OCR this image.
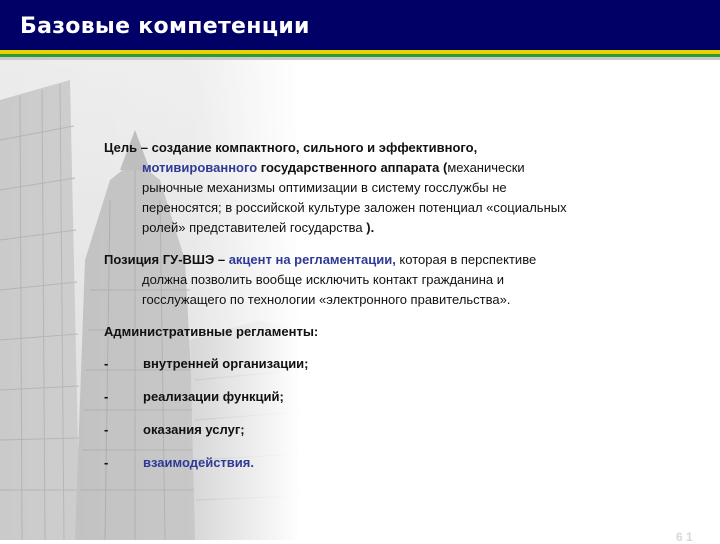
Базовые компетенции

Цель – создание компактного, сильного и эффективного,
мотивированного государственного аппарата (механически
рыночные механизмы оптимизации в систему госслужбы не
переносятся; в российской культуре заложен потенциал «социальных
ролей» представителей государства ).

Позиция ГУ-ВШЭ – акцент на регламентации, которая в перспективе
должна позволить вообще исключить контакт гражданина и
госслужащего по технологии «электронного правительства».

Административные регламенты:

-	внутренней организации;
-	реализации функций;
-	оказания услуг;
-	взаимодействия.
6 1
